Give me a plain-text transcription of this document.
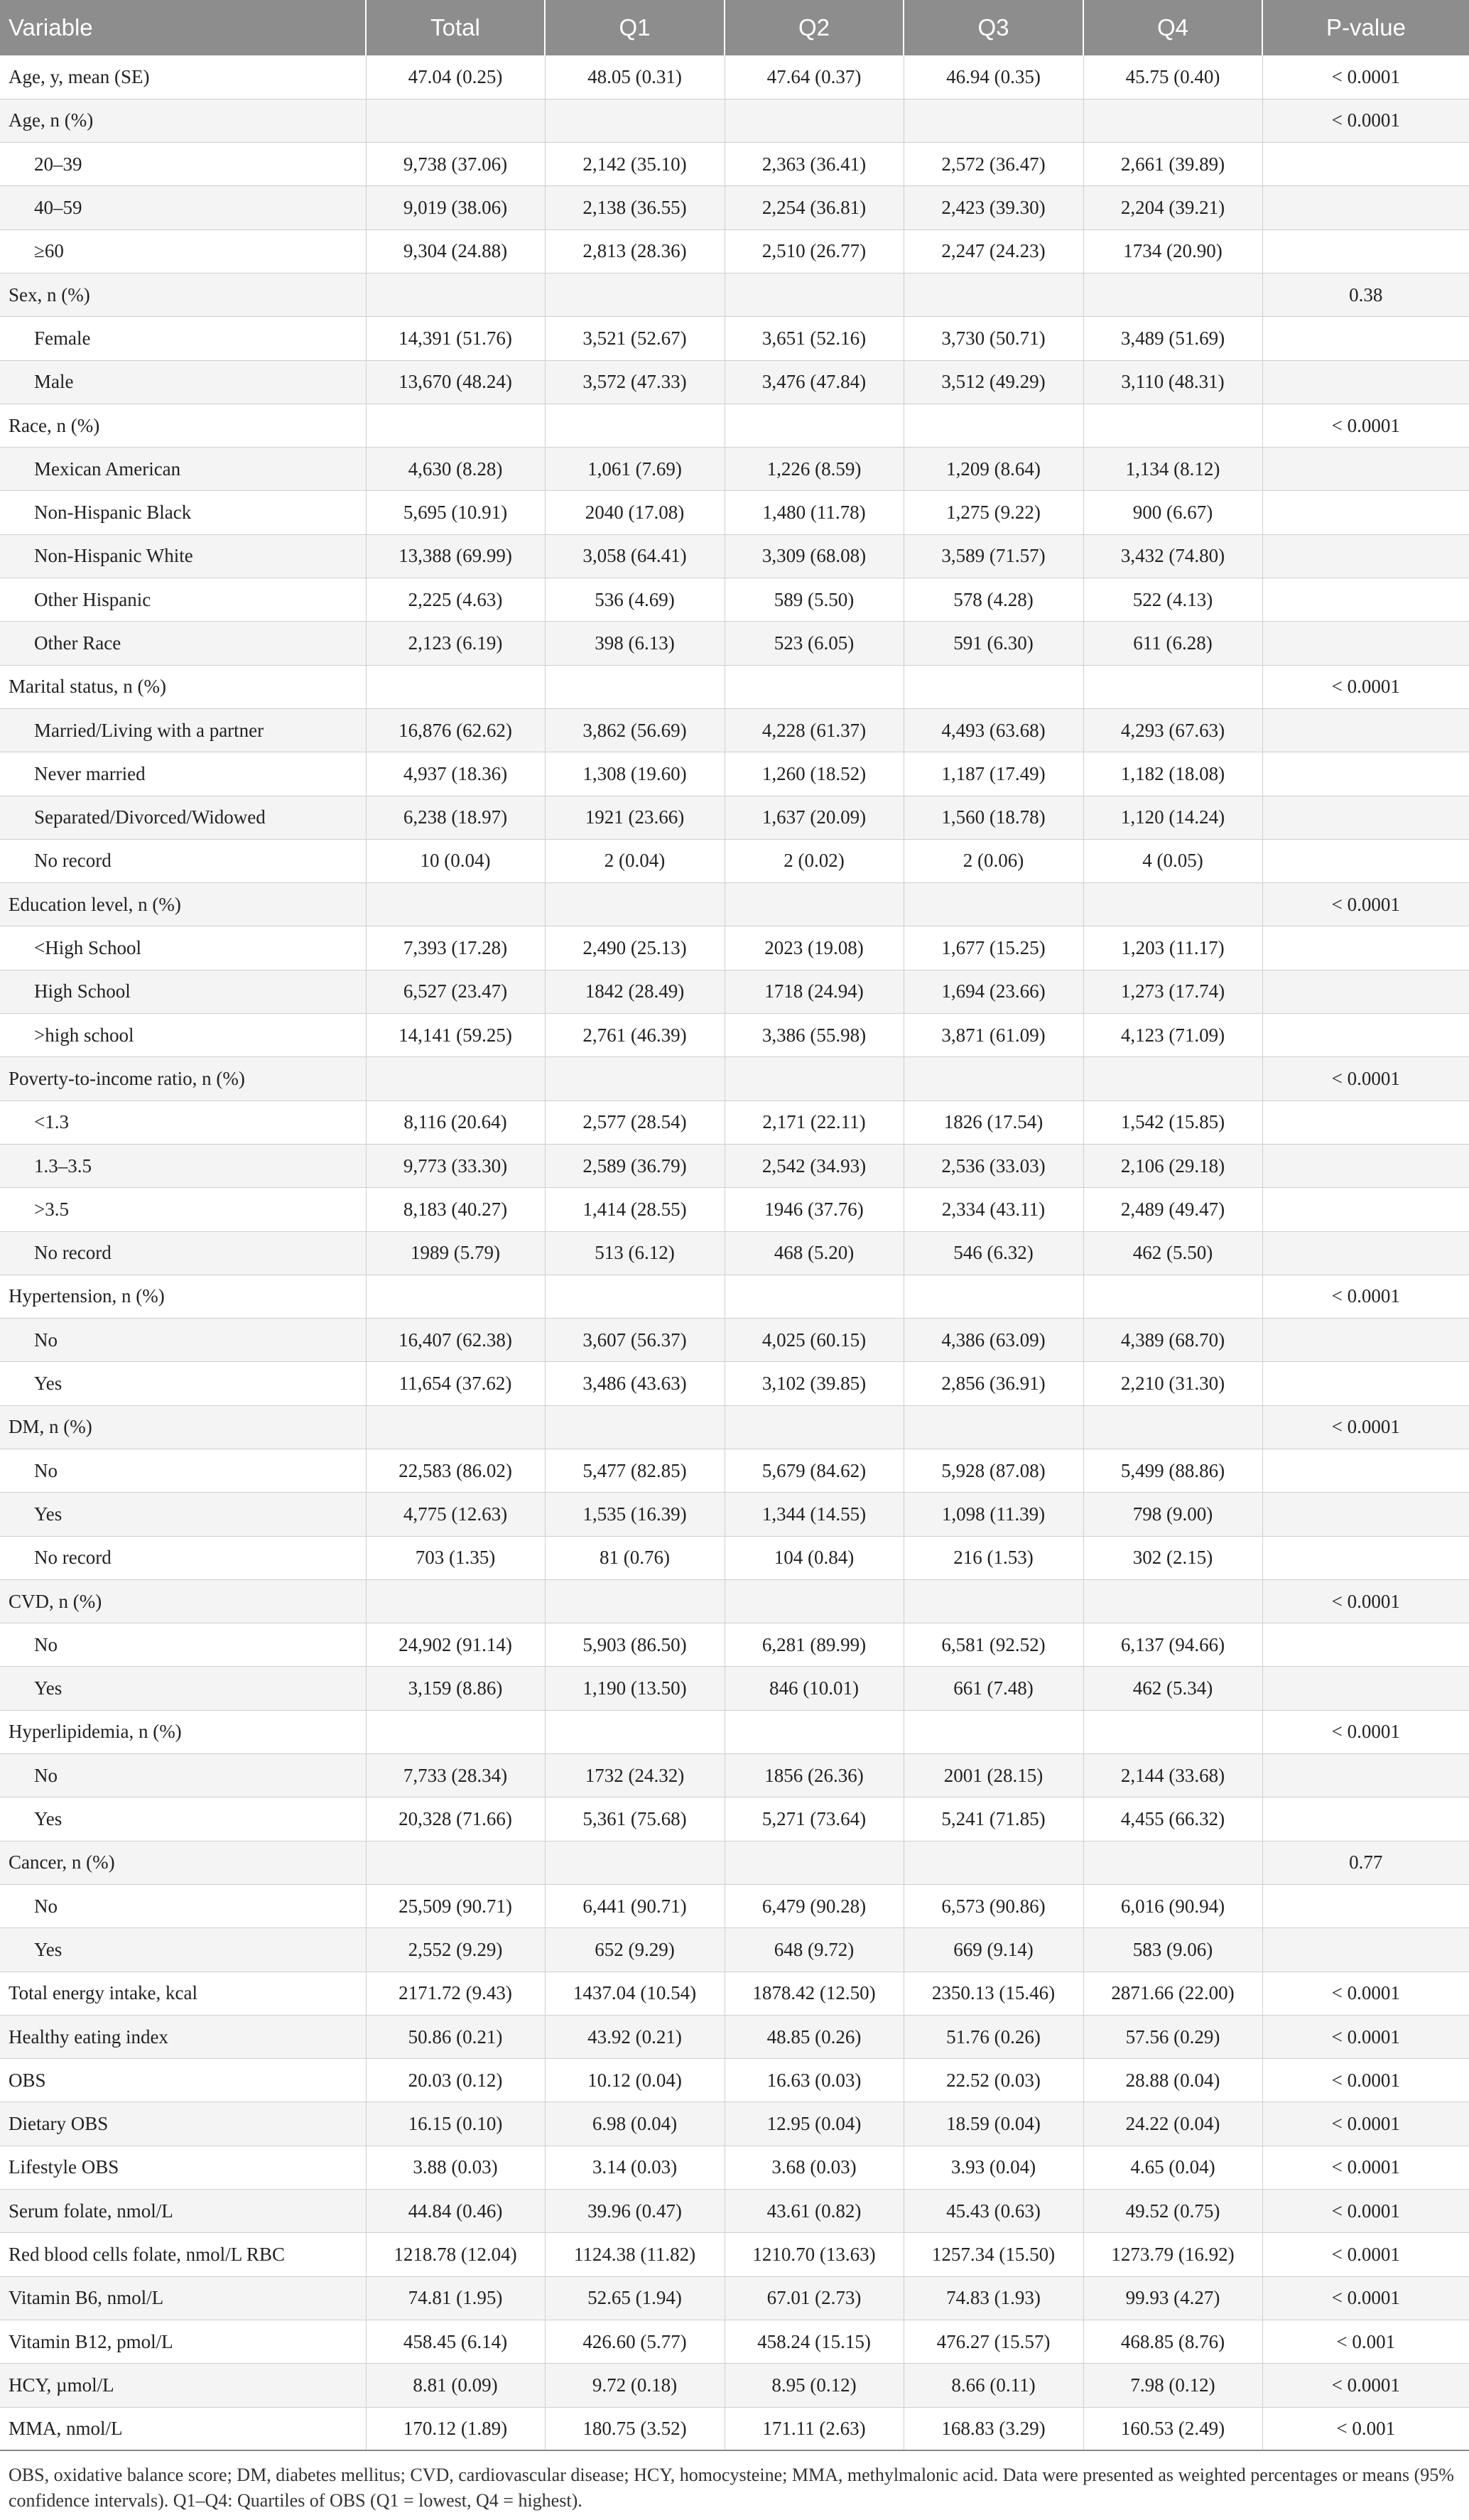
Variable	Total	Q1	Q2	Q3	Q4	P-value
Age, y, mean (SE)	47.04 (0.25)	48.05 (0.31)	47.64 (0.37)	46.94 (0.35)	45.75 (0.40)	< 0.0001
Age, n (%)						< 0.0001
20–39	9,738 (37.06)	2,142 (35.10)	2,363 (36.41)	2,572 (36.47)	2,661 (39.89)	
40–59	9,019 (38.06)	2,138 (36.55)	2,254 (36.81)	2,423 (39.30)	2,204 (39.21)	
≥60	9,304 (24.88)	2,813 (28.36)	2,510 (26.77)	2,247 (24.23)	1734 (20.90)	
Sex, n (%)						0.38
Female	14,391 (51.76)	3,521 (52.67)	3,651 (52.16)	3,730 (50.71)	3,489 (51.69)	
Male	13,670 (48.24)	3,572 (47.33)	3,476 (47.84)	3,512 (49.29)	3,110 (48.31)	
Race, n (%)						< 0.0001
Mexican American	4,630 (8.28)	1,061 (7.69)	1,226 (8.59)	1,209 (8.64)	1,134 (8.12)	
Non-Hispanic Black	5,695 (10.91)	2040 (17.08)	1,480 (11.78)	1,275 (9.22)	900 (6.67)	
Non-Hispanic White	13,388 (69.99)	3,058 (64.41)	3,309 (68.08)	3,589 (71.57)	3,432 (74.80)	
Other Hispanic	2,225 (4.63)	536 (4.69)	589 (5.50)	578 (4.28)	522 (4.13)	
Other Race	2,123 (6.19)	398 (6.13)	523 (6.05)	591 (6.30)	611 (6.28)	
Marital status, n (%)						< 0.0001
Married/Living with a partner	16,876 (62.62)	3,862 (56.69)	4,228 (61.37)	4,493 (63.68)	4,293 (67.63)	
Never married	4,937 (18.36)	1,308 (19.60)	1,260 (18.52)	1,187 (17.49)	1,182 (18.08)	
Separated/Divorced/Widowed	6,238 (18.97)	1921 (23.66)	1,637 (20.09)	1,560 (18.78)	1,120 (14.24)	
No record	10 (0.04)	2 (0.04)	2 (0.02)	2 (0.06)	4 (0.05)	
Education level, n (%)						< 0.0001
<High School	7,393 (17.28)	2,490 (25.13)	2023 (19.08)	1,677 (15.25)	1,203 (11.17)	
High School	6,527 (23.47)	1842 (28.49)	1718 (24.94)	1,694 (23.66)	1,273 (17.74)	
>high school	14,141 (59.25)	2,761 (46.39)	3,386 (55.98)	3,871 (61.09)	4,123 (71.09)	
Poverty-to-income ratio, n (%)						< 0.0001
<1.3	8,116 (20.64)	2,577 (28.54)	2,171 (22.11)	1826 (17.54)	1,542 (15.85)	
1.3–3.5	9,773 (33.30)	2,589 (36.79)	2,542 (34.93)	2,536 (33.03)	2,106 (29.18)	
>3.5	8,183 (40.27)	1,414 (28.55)	1946 (37.76)	2,334 (43.11)	2,489 (49.47)	
No record	1989 (5.79)	513 (6.12)	468 (5.20)	546 (6.32)	462 (5.50)	
Hypertension, n (%)						< 0.0001
No	16,407 (62.38)	3,607 (56.37)	4,025 (60.15)	4,386 (63.09)	4,389 (68.70)	
Yes	11,654 (37.62)	3,486 (43.63)	3,102 (39.85)	2,856 (36.91)	2,210 (31.30)	
DM, n (%)						< 0.0001
No	22,583 (86.02)	5,477 (82.85)	5,679 (84.62)	5,928 (87.08)	5,499 (88.86)	
Yes	4,775 (12.63)	1,535 (16.39)	1,344 (14.55)	1,098 (11.39)	798 (9.00)	
No record	703 (1.35)	81 (0.76)	104 (0.84)	216 (1.53)	302 (2.15)	
CVD, n (%)						< 0.0001
No	24,902 (91.14)	5,903 (86.50)	6,281 (89.99)	6,581 (92.52)	6,137 (94.66)	
Yes	3,159 (8.86)	1,190 (13.50)	846 (10.01)	661 (7.48)	462 (5.34)	
Hyperlipidemia, n (%)						< 0.0001
No	7,733 (28.34)	1732 (24.32)	1856 (26.36)	2001 (28.15)	2,144 (33.68)	
Yes	20,328 (71.66)	5,361 (75.68)	5,271 (73.64)	5,241 (71.85)	4,455 (66.32)	
Cancer, n (%)						0.77
No	25,509 (90.71)	6,441 (90.71)	6,479 (90.28)	6,573 (90.86)	6,016 (90.94)	
Yes	2,552 (9.29)	652 (9.29)	648 (9.72)	669 (9.14)	583 (9.06)	
Total energy intake, kcal	2171.72 (9.43)	1437.04 (10.54)	1878.42 (12.50)	2350.13 (15.46)	2871.66 (22.00)	< 0.0001
Healthy eating index	50.86 (0.21)	43.92 (0.21)	48.85 (0.26)	51.76 (0.26)	57.56 (0.29)	< 0.0001
OBS	20.03 (0.12)	10.12 (0.04)	16.63 (0.03)	22.52 (0.03)	28.88 (0.04)	< 0.0001
Dietary OBS	16.15 (0.10)	6.98 (0.04)	12.95 (0.04)	18.59 (0.04)	24.22 (0.04)	< 0.0001
Lifestyle OBS	3.88 (0.03)	3.14 (0.03)	3.68 (0.03)	3.93 (0.04)	4.65 (0.04)	< 0.0001
Serum folate, nmol/L	44.84 (0.46)	39.96 (0.47)	43.61 (0.82)	45.43 (0.63)	49.52 (0.75)	< 0.0001
Red blood cells folate, nmol/L RBC	1218.78 (12.04)	1124.38 (11.82)	1210.70 (13.63)	1257.34 (15.50)	1273.79 (16.92)	< 0.0001
Vitamin B6, nmol/L	74.81 (1.95)	52.65 (1.94)	67.01 (2.73)	74.83 (1.93)	99.93 (4.27)	< 0.0001
Vitamin B12, pmol/L	458.45 (6.14)	426.60 (5.77)	458.24 (15.15)	476.27 (15.57)	468.85 (8.76)	< 0.001
HCY, µmol/L	8.81 (0.09)	9.72 (0.18)	8.95 (0.12)	8.66 (0.11)	7.98 (0.12)	< 0.0001
MMA, nmol/L	170.12 (1.89)	180.75 (3.52)	171.11 (2.63)	168.83 (3.29)	160.53 (2.49)	< 0.001
OBS, oxidative balance score; DM, diabetes mellitus; CVD, cardiovascular disease; HCY, homocysteine; MMA, methylmalonic acid. Data were presented as weighted percentages or means (95% confidence intervals). Q1–Q4: Quartiles of OBS (Q1 = lowest, Q4 = highest).
